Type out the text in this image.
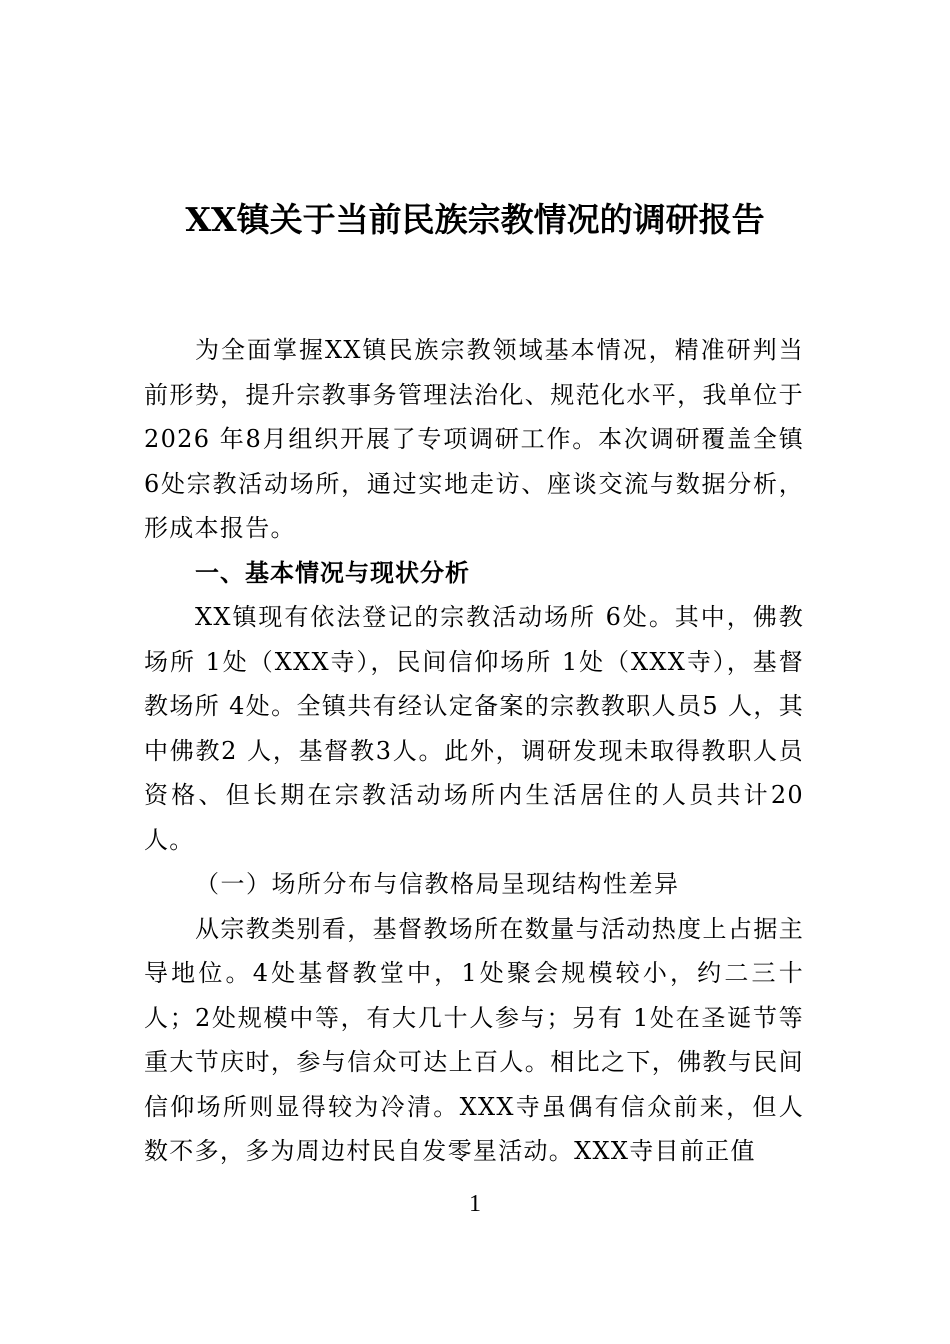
XX镇关于当前民族宗教情况的调研报告

为全面掌握XX镇民族宗教领域基本情况，精准研判当前形势，提升宗教事务管理法治化、规范化水平，我单位于2026 年8月组织开展了专项调研工作。本次调研覆盖全镇6处宗教活动场所，通过实地走访、座谈交流与数据分析，形成本报告。

一、基本情况与现状分析

XX镇现有依法登记的宗教活动场所 6处。其中，佛教场所 1处（XXX寺），民间信仰场所 1处（XXX寺），基督教场所 4处。全镇共有经认定备案的宗教教职人员5 人，其中佛教2 人，基督教3人。此外，调研发现未取得教职人员资格、但长期在宗教活动场所内生活居住的人员共计20人。

（一）场所分布与信教格局呈现结构性差异

从宗教类别看，基督教场所在数量与活动热度上占据主导地位。4处基督教堂中，1处聚会规模较小，约二三十人；2处规模中等，有大几十人参与；另有 1处在圣诞节等重大节庆时，参与信众可达上百人。相比之下，佛教与民间信仰场所则显得较为冷清。XXX寺虽偶有信众前来，但人数不多，多为周边村民自发零星活动。XXX寺目前正值

1
